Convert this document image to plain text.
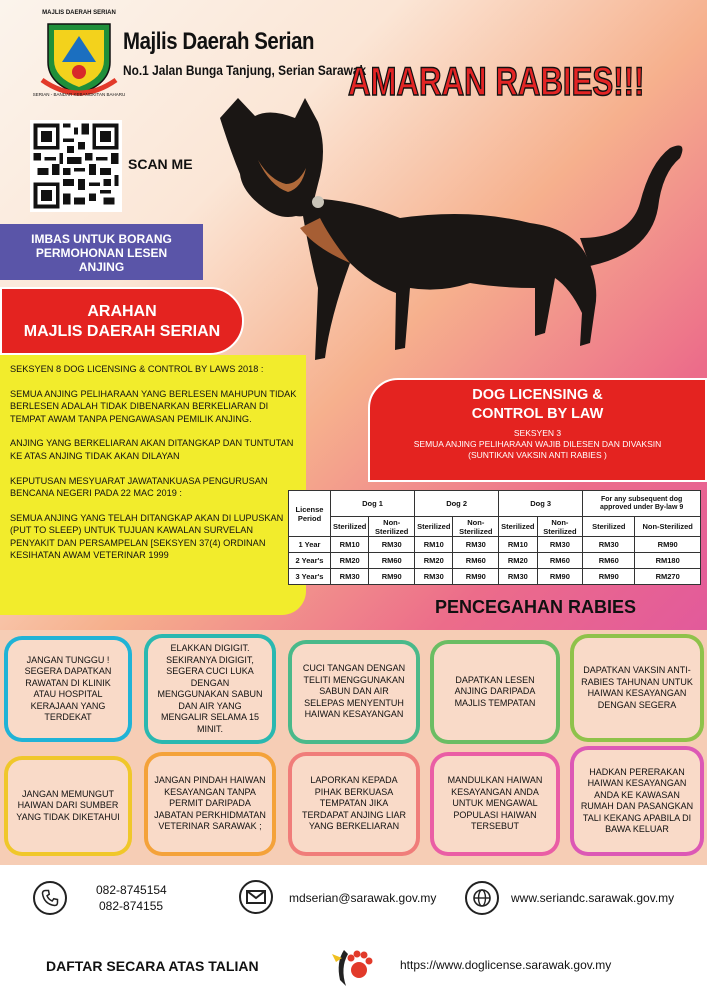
MAJLIS DAERAH SERIAN
SERIAN - BANDAR KEBANGKITAN BAHARU
Majlis Daerah Serian
No.1 Jalan Bunga Tanjung, Serian Sarawak
AMARAN RABIES!!!
SCAN ME
IMBAS UNTUK BORANG
PERMOHONAN LESEN
ANJING
ARAHAN
MAJLIS DAERAH SERIAN

SEKSYEN 8 DOG LICENSING & CONTROL BY LAWS 2018 :

SEMUA ANJING PELIHARAAN YANG BERLESEN MAHUPUN TIDAK BERLESEN ADALAH TIDAK DIBENARKAN BERKELIARAN DI TEMPAT AWAM TANPA PENGAWASAN PEMILIK ANJING.

ANJING YANG BERKELIARAN AKAN DITANGKAP DAN TUNTUTAN KE ATAS ANJING TIDAK AKAN DILAYAN

KEPUTUSAN MESYUARAT JAWATANKUASA PENGURUSAN BENCANA NEGERI PADA 22 MAC 2019 :

SEMUA ANJING YANG TELAH DITANGKAP AKAN DI LUPUSKAN (PUT TO SLEEP) UNTUK TUJUAN KAWALAN SURVELAN PENYAKIT DAN PERSAMPELAN [SEKSYEN 37(4) ORDINAN KESIHATAN AWAM VETERINAR 1999

DOG LICENSING &
CONTROL BY LAW
SEKSYEN 3
SEMUA ANJING PELIHARAAN WAJIB DILESEN DAN DIVAKSIN
(SUNTIKAN VAKSIN ANTI RABIES )
License Period	Dog 1		Dog 2		Dog 3		For any subsequent dog approved under By-law 9	
	Sterilized	Non-Sterilized	Sterilized	Non-Sterilized	Sterilized	Non-Sterilized	Sterilized	Non-Sterilized
1 Year	RM10	RM30	RM10	RM30	RM10	RM30	RM30	RM90
2 Year's	RM20	RM60	RM20	RM60	RM20	RM60	RM60	RM180
3 Year's	RM30	RM90	RM30	RM90	RM30	RM90	RM90	RM270
PENCEGAHAN RABIES
JANGAN TUNGGU ! SEGERA DAPATKAN RAWATAN DI KLINIK ATAU HOSPITAL KERAJAAN YANG TERDEKAT
ELAKKAN DIGIGIT. SEKIRANYA DIGIGIT, SEGERA CUCI LUKA DENGAN MENGGUNAKAN SABUN DAN AIR YANG MENGALIR SELAMA 15 MINIT.
CUCI TANGAN DENGAN TELITI MENGGUNAKAN SABUN DAN AIR SELEPAS MENYENTUH HAIWAN KESAYANGAN
DAPATKAN LESEN ANJING DARIPADA MAJLIS TEMPATAN
DAPATKAN VAKSIN ANTI-RABIES TAHUNAN UNTUK HAIWAN KESAYANGAN DENGAN SEGERA
JANGAN MEMUNGUT HAIWAN DARI SUMBER YANG TIDAK DIKETAHUI
JANGAN PINDAH HAIWAN KESAYANGAN TANPA PERMIT DARIPADA JABATAN PERKHIDMATAN VETERINAR SARAWAK ;
LAPORKAN KEPADA PIHAK BERKUASA TEMPATAN JIKA TERDAPAT ANJING LIAR YANG BERKELIARAN
MANDULKAN HAIWAN KESAYANGAN ANDA UNTUK MENGAWAL POPULASI HAIWAN TERSEBUT
HADKAN PERERAKAN HAIWAN KESAYANGAN ANDA KE KAWASAN RUMAH DAN PASANGKAN TALI KEKANG APABILA DI BAWA KELUAR
082-8745154
082-874155
mdserian@sarawak.gov.my	www.seriandc.sarawak.gov.my
DAFTAR SECARA ATAS TALIAN	https://www.doglicense.sarawak.gov.my
